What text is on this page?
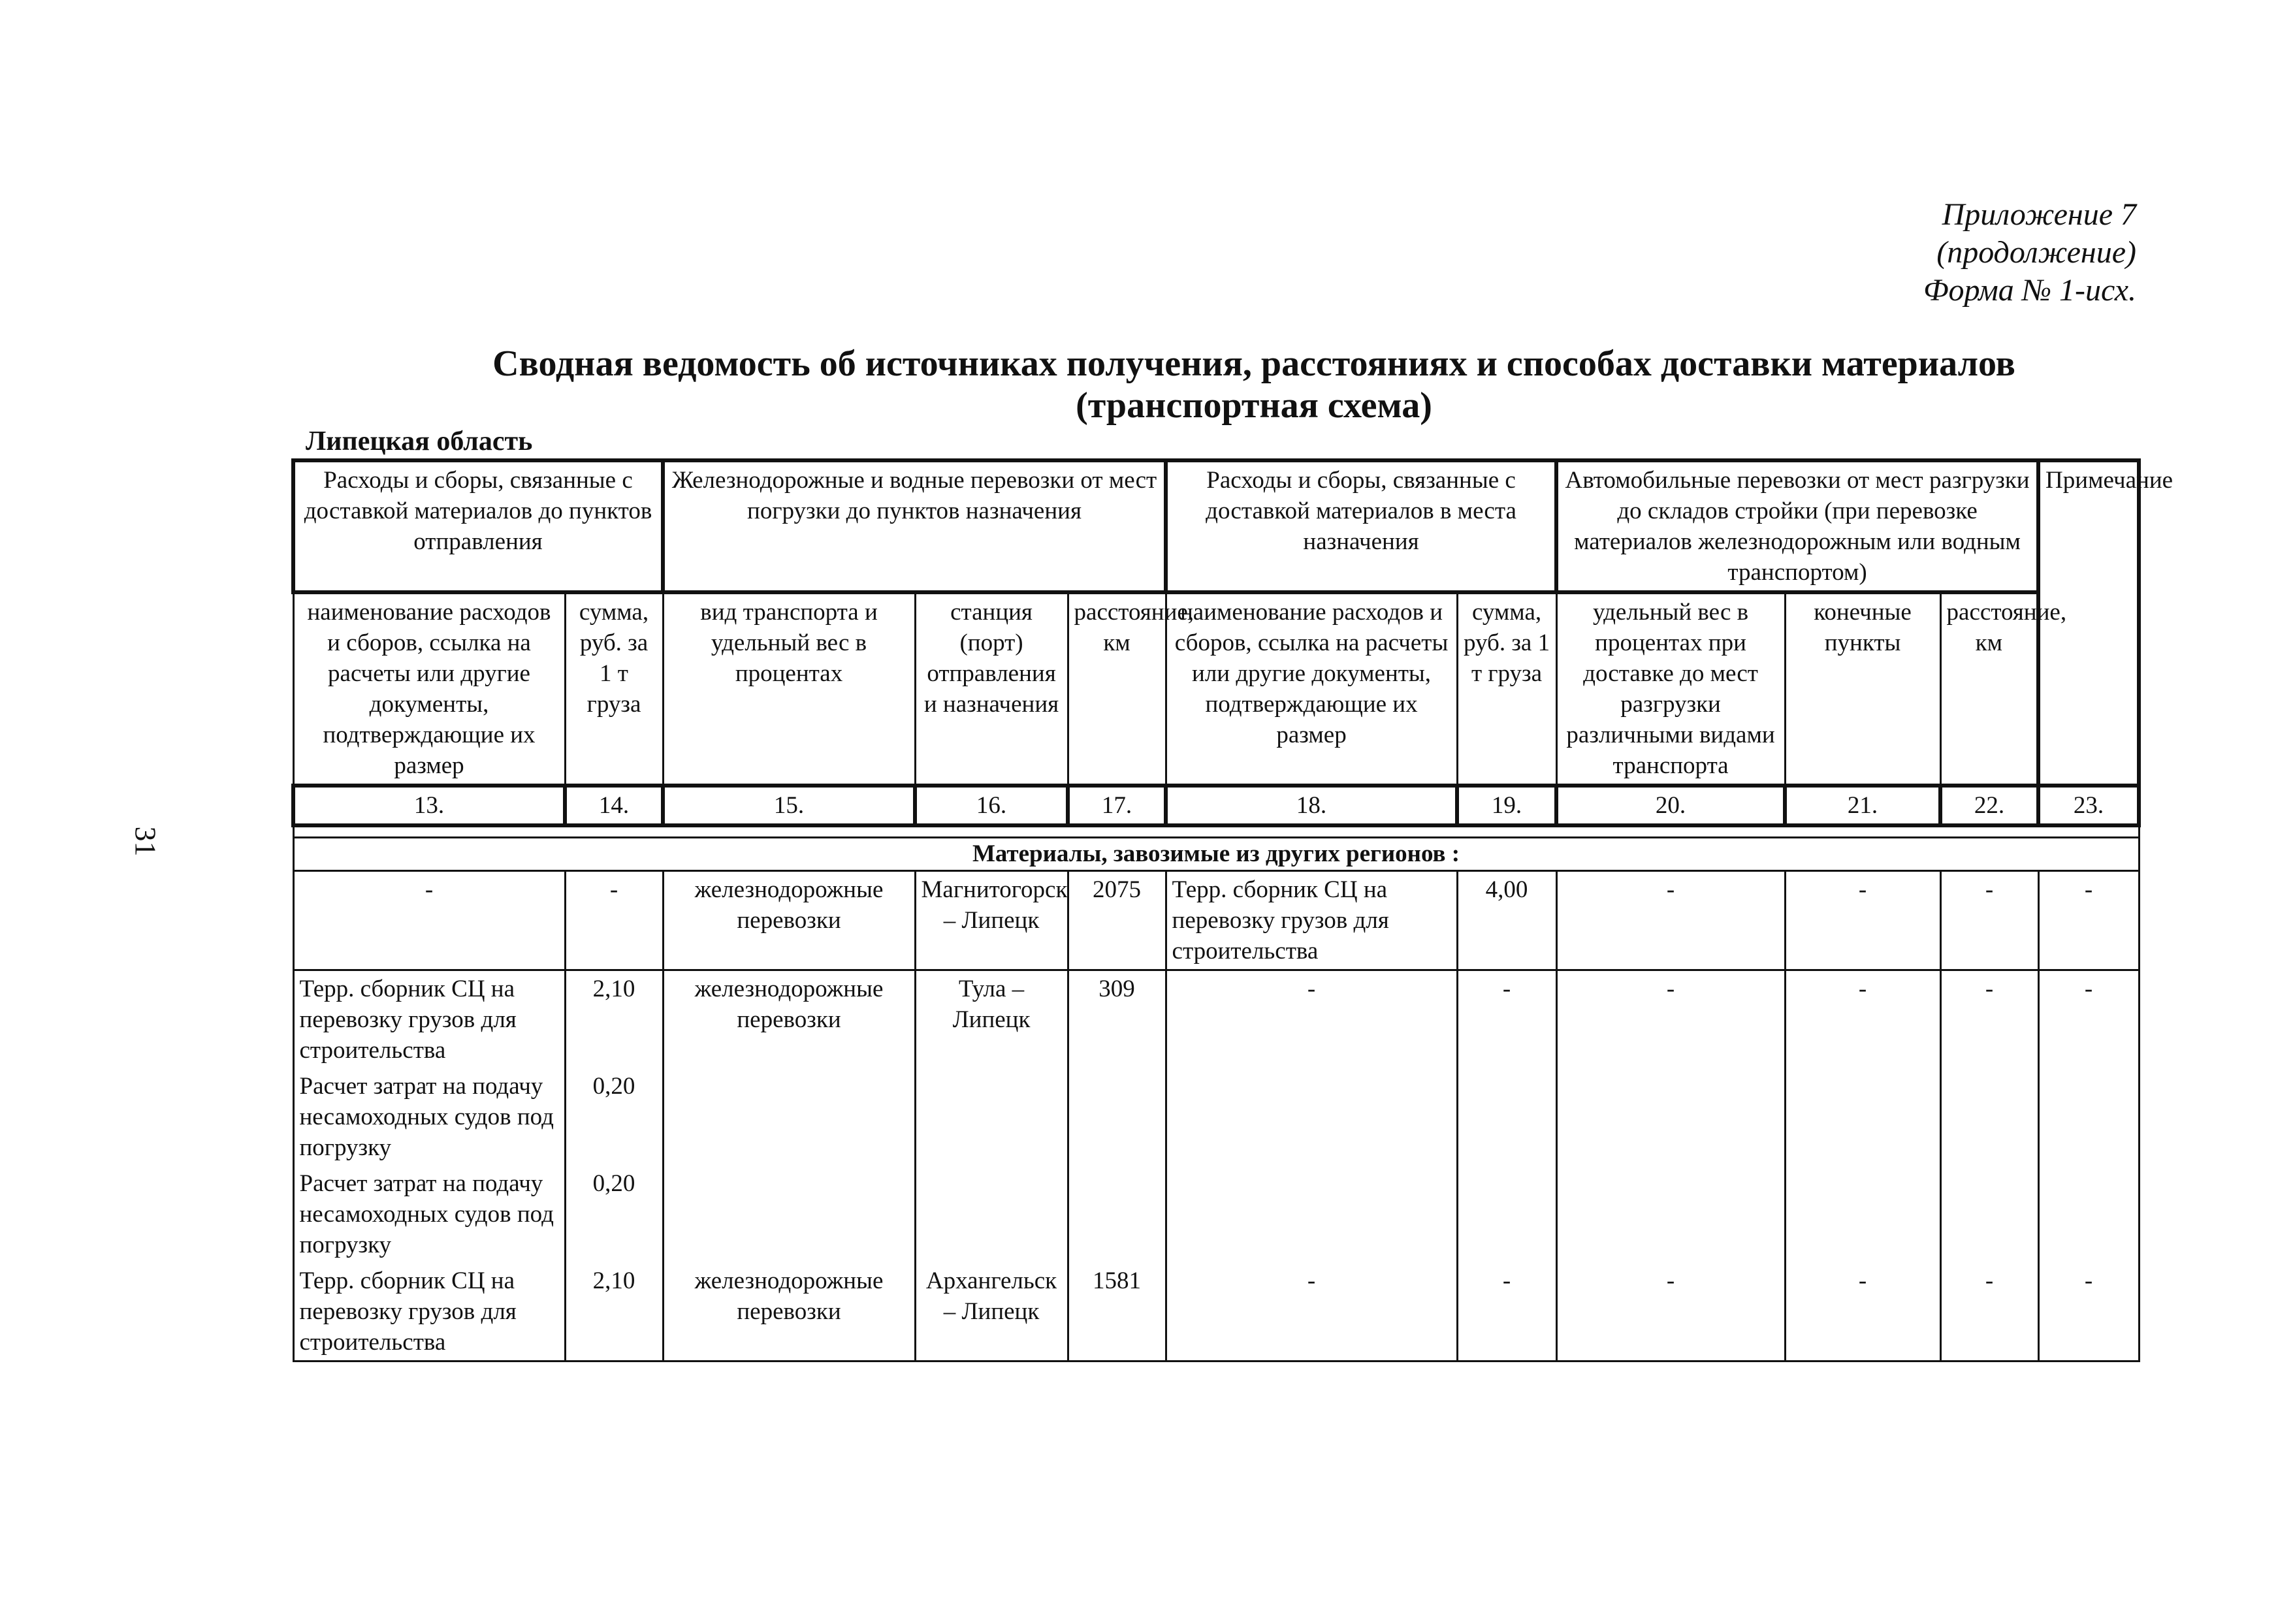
Приложение 7
(продолжение)
Форма № 1-исх.
Сводная ведомость об источниках получения, расстояниях и способах доставки материалов
(транспортная схема)
Липецкая область
31
Расходы и сборы, связанные с доставкой материалов до пунктов отправления		Железнодорожные и водные перевозки от мест погрузки до пунктов назначения			Расходы и сборы, связанные с доставкой материалов в места назначения		Автомобильные перевозки от мест разгрузки до складов стройки (при перевозке материалов железнодорожным или водным транспортом)			Примечание
наименование расходов и сборов, ссылка на расчеты или другие документы, подтверждающие их размер	сумма, руб. за 1 т груза	вид транспорта и удельный вес в процентах	станция (порт) отправления и назначения	расстояние, км	наименование расходов и сборов, ссылка на расчеты или другие документы, подтверждающие их размер	сумма, руб. за 1 т груза	удельный вес в процентах при доставке до мест разгрузки различными видами транспорта	конечные пункты	расстояние, км	
13.	14.	15.	16.	17.	18.	19.	20.	21.	22.	23.

Материалы, завозимые из других регионов :										
-	-	железнодорожные перевозки	Магнитогорск – Липецк	2075	Терр. сборник СЦ на перевозку грузов для строительства	4,00	-	-	-	-
Терр. сборник СЦ на перевозку грузов для строительства	2,10	железнодорожные перевозки	Тула – Липецк	309	-	-	-	-	-	-
Расчет затрат на подачу несамоходных судов под погрузку	0,20									
Расчет затрат на подачу несамоходных судов под погрузку	0,20									
Терр. сборник СЦ на перевозку грузов для строительства	2,10	железнодорожные перевозки	Архангельск – Липецк	1581	-	-	-	-	-	-
